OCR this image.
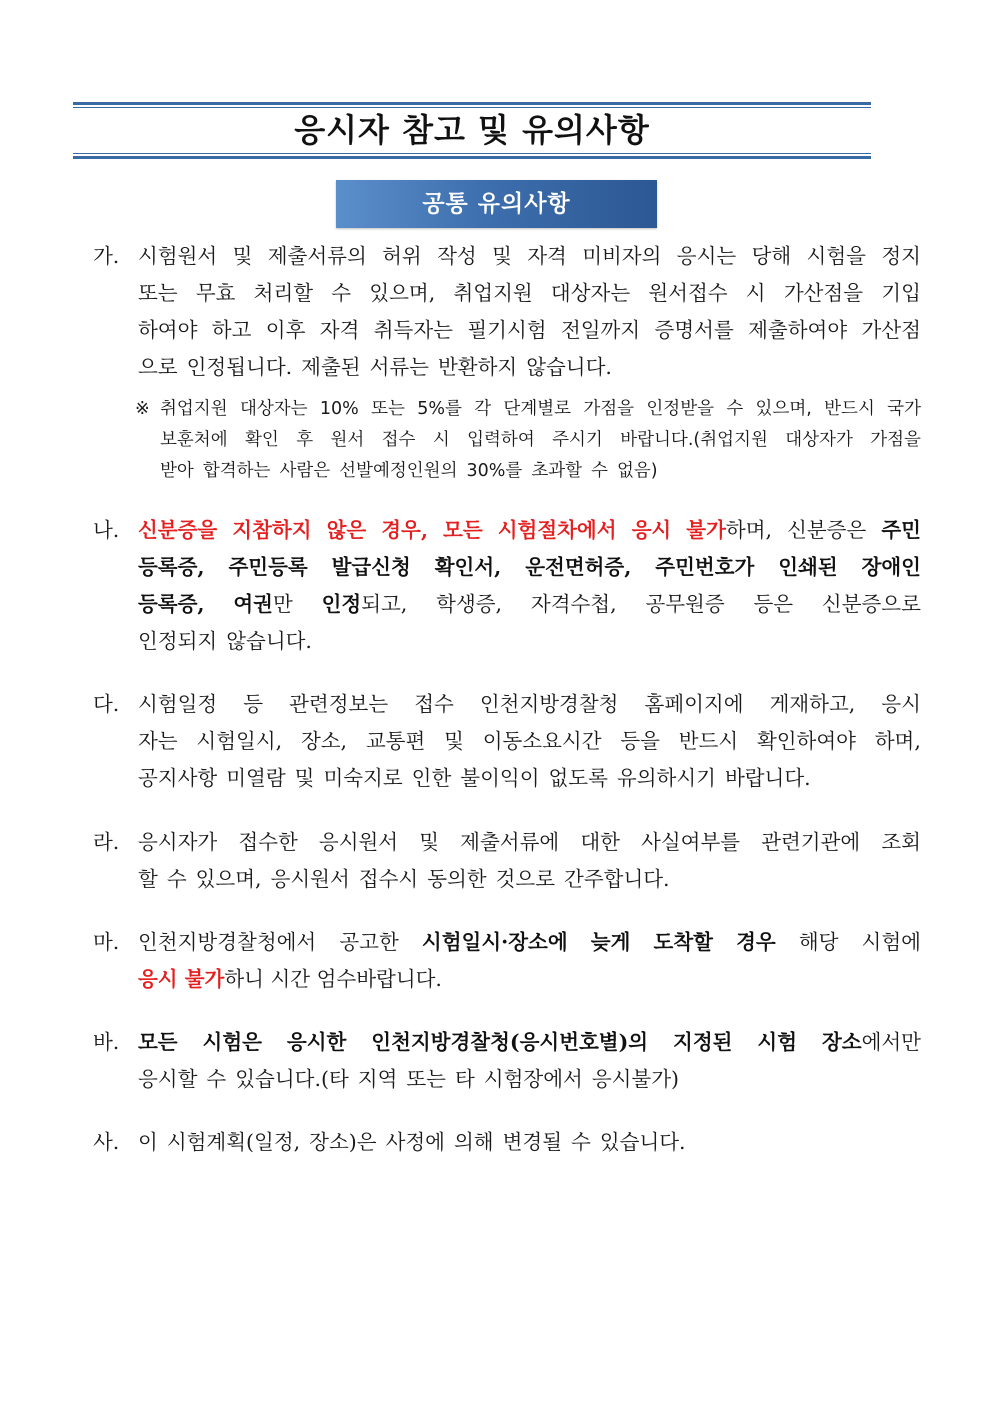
응시자 참고 및 유의사항
공통 유의사항
가. 시험원서 및 제출서류의 허위 작성 및 자격 미비자의 응시는 당해 시험을 정지
또는 무효 처리할 수 있으며, 취업지원 대상자는 원서접수 시 가산점을 기입
하여야 하고 이후 자격 취득자는 필기시험 전일까지 증명서를 제출하여야 가산점
으로 인정됩니다. 제출된 서류는 반환하지 않습니다.
※ 취업지원 대상자는 10% 또는 5%를 각 단계별로 가점을 인정받을 수 있으며, 반드시 국가
보훈처에 확인 후 원서 접수 시 입력하여 주시기 바랍니다.(취업지원 대상자가 가점을
받아 합격하는 사람은 선발예정인원의 30%를 초과할 수 없음)
나. 신분증을 지참하지 않은 경우, 모든 시험절차에서 응시 불가하며, 신분증은 주민
등록증, 주민등록 발급신청 확인서, 운전면허증, 주민번호가 인쇄된 장애인
등록증, 여권만 인정되고, 학생증, 자격수첩, 공무원증 등은 신분증으로
인정되지 않습니다.
다. 시험일정 등 관련정보는 접수 인천지방경찰청 홈페이지에 게재하고, 응시
자는 시험일시, 장소, 교통편 및 이동소요시간 등을 반드시 확인하여야 하며,
공지사항 미열람 및 미숙지로 인한 불이익이 없도록 유의하시기 바랍니다.
라. 응시자가 접수한 응시원서 및 제출서류에 대한 사실여부를 관련기관에 조회
할 수 있으며, 응시원서 접수시 동의한 것으로 간주합니다.
마. 인천지방경찰청에서 공고한 시험일시·장소에 늦게 도착할 경우 해당 시험에
응시 불가 하니 시간 엄수바랍니다.
바. 모든 시험은 응시한 인천지방경찰청(응시번호별)의 지정된 시험 장소에서만
응시할 수 있습니다.(타 지역 또는 타 시험장에서 응시불가)
사. 이 시험계획(일정, 장소)은 사정에 의해 변경될 수 있습니다.
